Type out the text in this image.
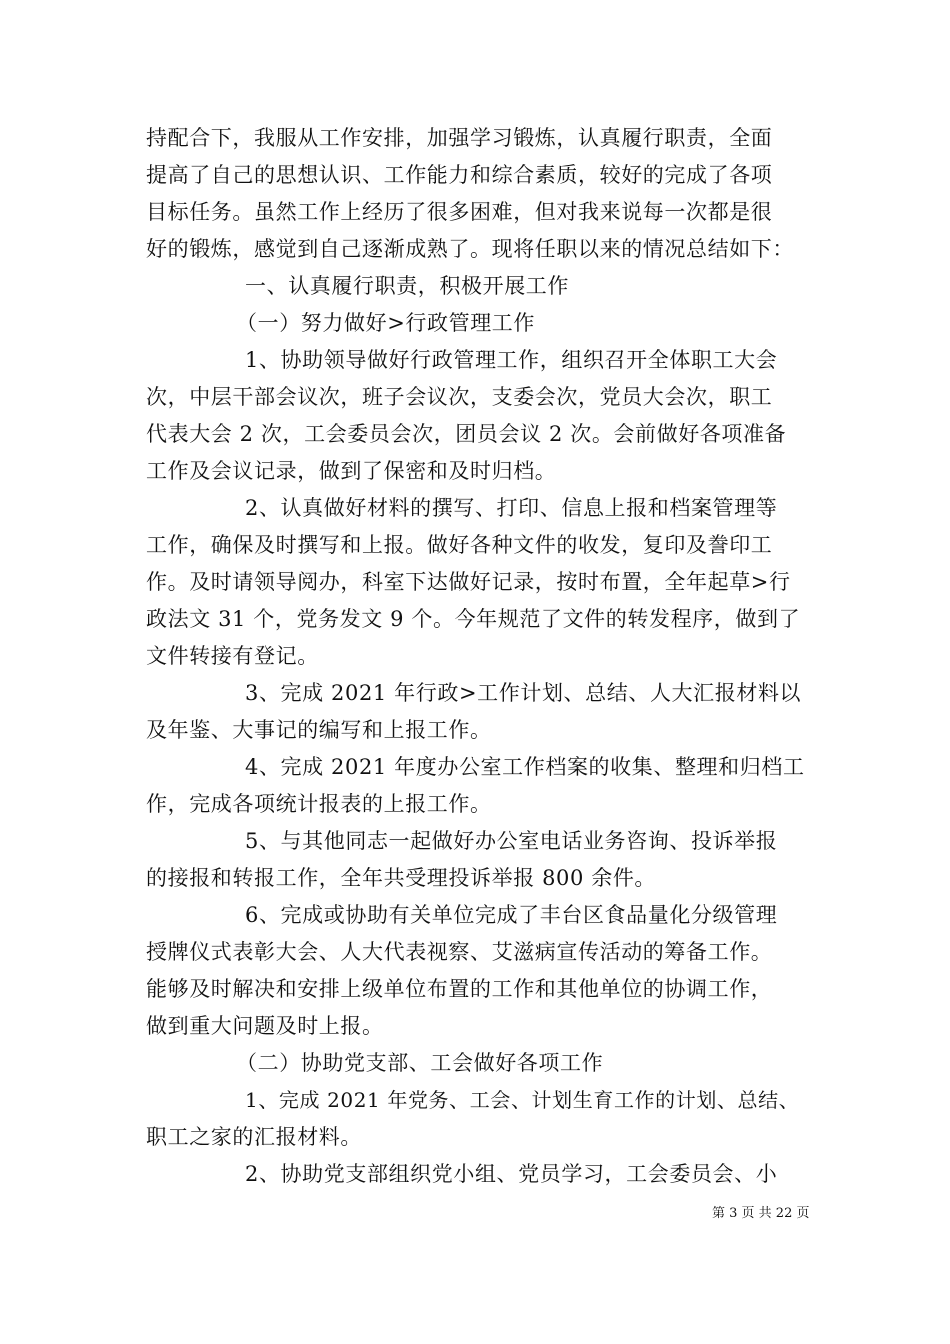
持配合下，我服从工作安排，加强学习锻炼，认真履行职责，全面
提高了自己的思想认识、工作能力和综合素质，较好的完成了各项
目标任务。虽然工作上经历了很多困难，但对我来说每一次都是很
好的锻炼，感觉到自己逐渐成熟了。现将任职以来的情况总结如下：
一、认真履行职责，积极开展工作
（一）努力做好>行政管理工作
1、协助领导做好行政管理工作，组织召开全体职工大会
次，中层干部会议次，班子会议次，支委会次，党员大会次，职工
代表大会 2 次，工会委员会次，团员会议 2 次。会前做好各项准备
工作及会议记录，做到了保密和及时归档。
2、认真做好材料的撰写、打印、信息上报和档案管理等
工作，确保及时撰写和上报。做好各种文件的收发，复印及誊印工
作。及时请领导阅办，科室下达做好记录，按时布置，全年起草>行
政法文 31 个，党务发文 9 个。今年规范了文件的转发程序，做到了
文件转接有登记。
3、完成 2021 年行政>工作计划、总结、人大汇报材料以
及年鉴、大事记的编写和上报工作。
4、完成 2021 年度办公室工作档案的收集、整理和归档工
作，完成各项统计报表的上报工作。
5、与其他同志一起做好办公室电话业务咨询、投诉举报
的接报和转报工作，全年共受理投诉举报 800 余件。
6、完成或协助有关单位完成了丰台区食品量化分级管理
授牌仪式表彰大会、人大代表视察、艾滋病宣传活动的筹备工作。
能够及时解决和安排上级单位布置的工作和其他单位的协调工作，
做到重大问题及时上报。
（二）协助党支部、工会做好各项工作
1、完成 2021 年党务、工会、计划生育工作的计划、总结、
职工之家的汇报材料。
2、协助党支部组织党小组、党员学习，工会委员会、小
第 3 页 共 22 页
